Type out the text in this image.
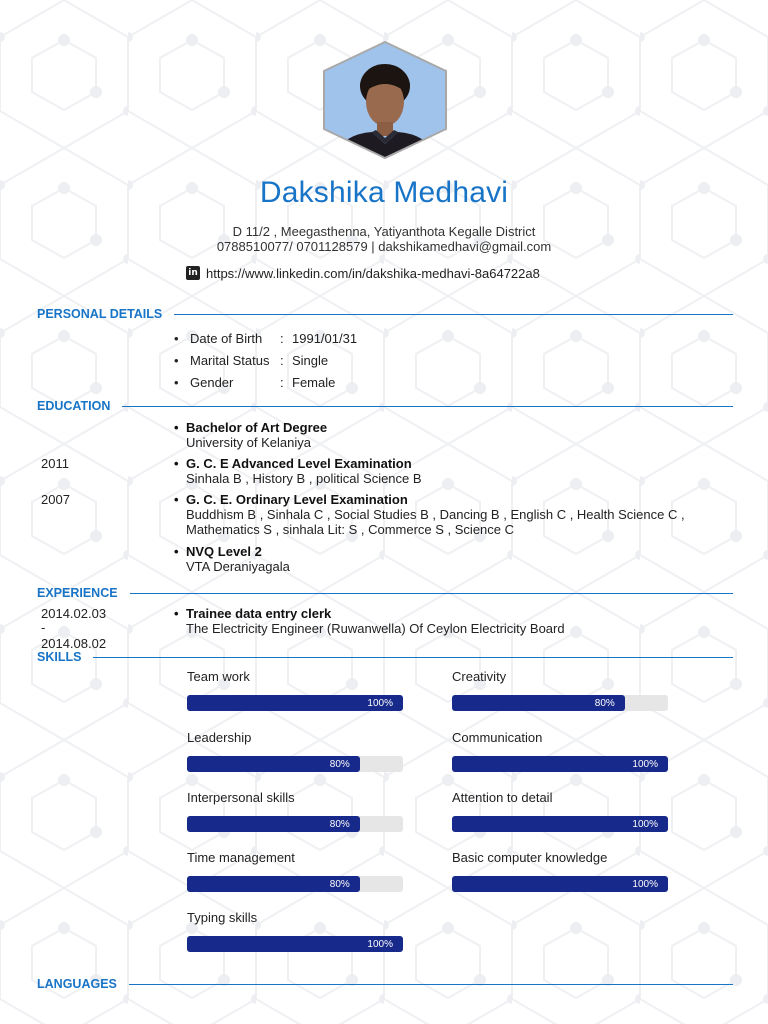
Dakshika Medhavi
D 11/2 , Meegasthenna, Yatiyanthota Kegalle District
0788510077/ 0701128579 | dakshikamedhavi@gmail.com
in https://www.linkedin.com/in/dakshika-medhavi-8a64722a8
PERSONAL DETAILS
• Date of Birth	: 1991/01/31
• Marital Status : Single
• Gender	: Female
EDUCATION
• Bachelor of Art Degree
University of Kelaniya
2011	• G. C. E Advanced Level Examination
Sinhala B , History B , political Science B
2007	• G. C. E. Ordinary Level Examination
Buddhism B , Sinhala C , Social Studies B , Dancing B , English C , Health Science C ,
Mathematics S , sinhala Lit: S , Commerce S , Science C
• NVQ Level 2
VTA Deraniyagala
EXPERIENCE
2014.02.03
-
2014.08.02
• Trainee data entry clerk
The Electricity Engineer (Ruwanwella) Of Ceylon Electricity Board
SKILLS
Team work
100%
Creativity
80%
Leadership
80%
Communication
100%
Interpersonal skills
80%
Attention to detail
100%
Time management
80%
Basic computer knowledge
100%
Typing skills
100%
LANGUAGES
